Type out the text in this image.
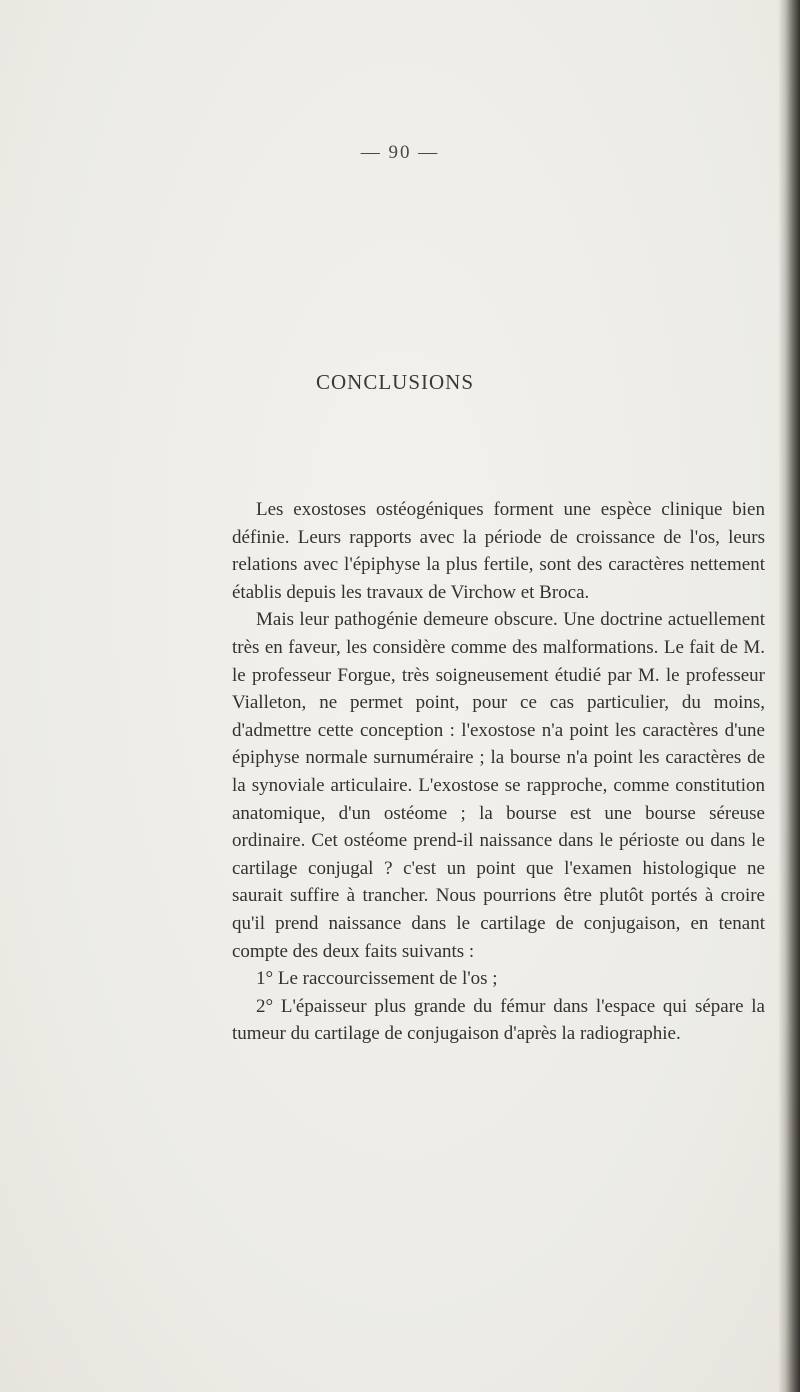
— 90 —
CONCLUSIONS

Les exostoses ostéogéniques forment une espèce clinique bien définie. Leurs rapports avec la période de croissance de l'os, leurs relations avec l'épiphyse la plus fertile, sont des caractères nettement établis depuis les travaux de Virchow et Broca.

Mais leur pathogénie demeure obscure. Une doctrine actuellement très en faveur, les considère comme des malformations. Le fait de M. le professeur Forgue, très soigneusement étudié par M. le professeur Vialleton, ne permet point, pour ce cas particulier, du moins, d'admettre cette conception : l'exostose n'a point les caractères d'une épiphyse normale surnuméraire ; la bourse n'a point les caractères de la synoviale articulaire. L'exostose se rapproche, comme constitution anatomique, d'un ostéome ; la bourse est une bourse séreuse ordinaire. Cet ostéome prend-il naissance dans le périoste ou dans le cartilage conjugal ? c'est un point que l'examen histologique ne saurait suffire à trancher. Nous pourrions être plutôt portés à croire qu'il prend naissance dans le cartilage de conjugaison, en tenant compte des deux faits suivants :

1° Le raccourcissement de l'os ;

2° L'épaisseur plus grande du fémur dans l'espace qui sépare la tumeur du cartilage de conjugaison d'après la radiographie.
